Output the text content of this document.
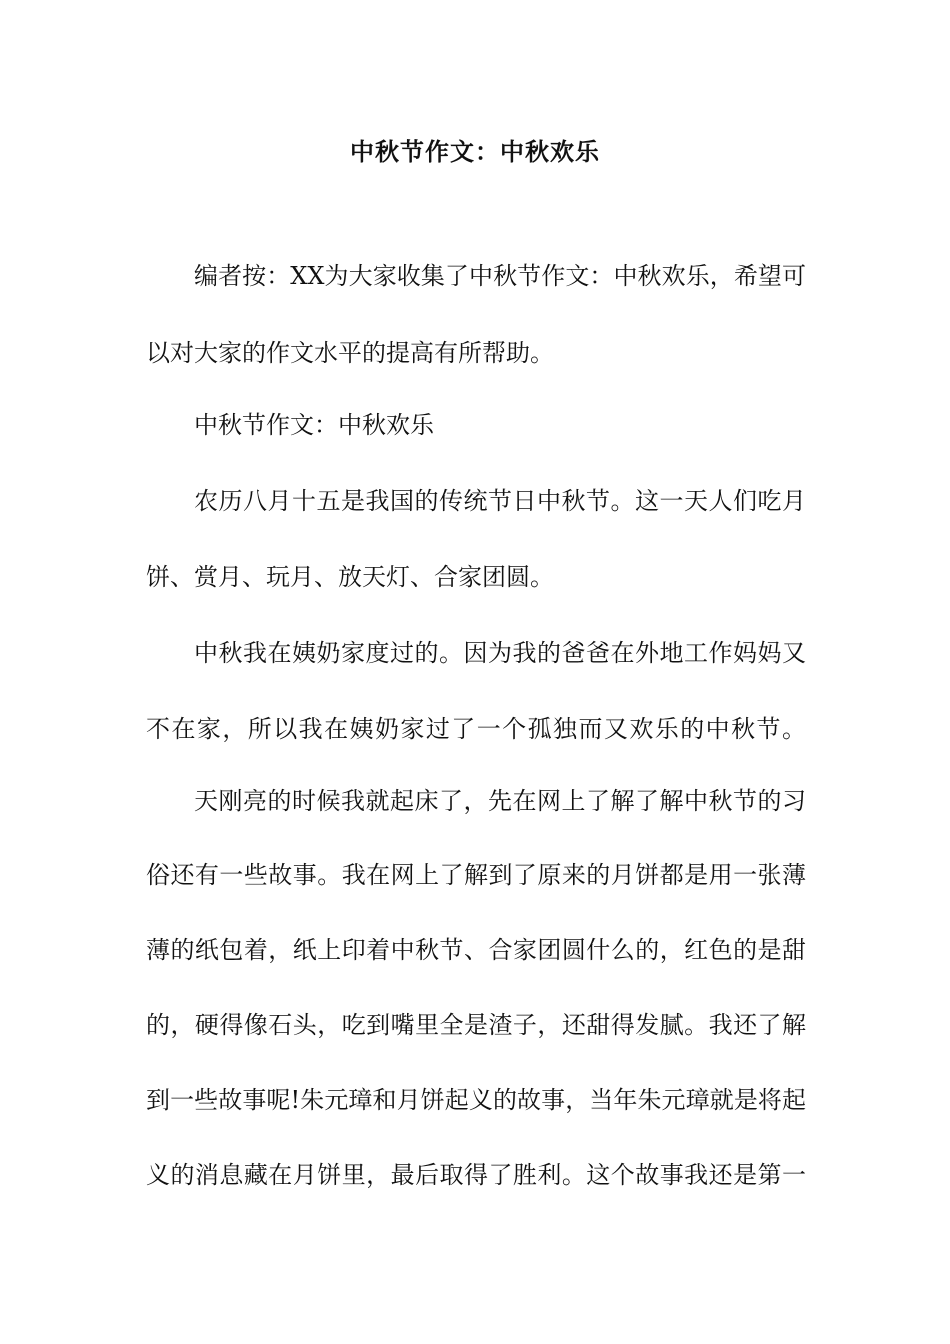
中秋节作文：中秋欢乐
编者按：XX为大家收集了中秋节作文：中秋欢乐，希望可
以对大家的作文水平的提高有所帮助。
中秋节作文：中秋欢乐
农历八月十五是我国的传统节日中秋节。这一天人们吃月
饼、赏月、玩月、放天灯、合家团圆。
中秋我在姨奶家度过的。因为我的爸爸在外地工作妈妈又
不在家，所以我在姨奶家过了一个孤独而又欢乐的中秋节。
天刚亮的时候我就起床了，先在网上了解了解中秋节的习
俗还有一些故事。我在网上了解到了原来的月饼都是用一张薄
薄的纸包着，纸上印着中秋节、合家团圆什么的，红色的是甜
的，硬得像石头，吃到嘴里全是渣子，还甜得发腻。我还了解
到一些故事呢!朱元璋和月饼起义的故事，当年朱元璋就是将起
义的消息藏在月饼里，最后取得了胜利。这个故事我还是第一
